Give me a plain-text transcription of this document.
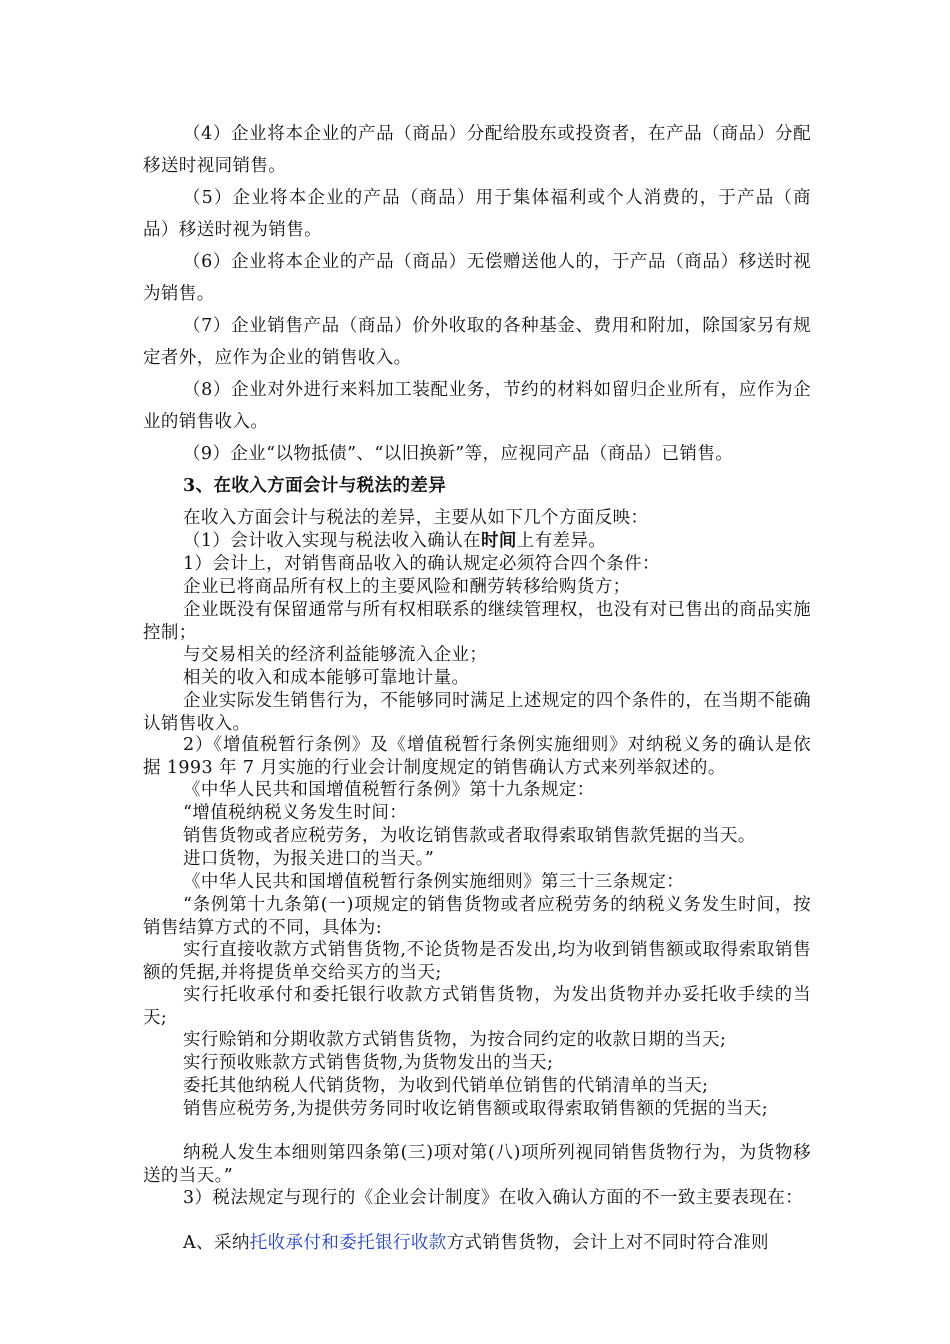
（4）企业将本企业的产品（商品）分配给股东或投资者，在产品（商品）分配移送时视同销售。

（5）企业将本企业的产品（商品）用于集体福利或个人消费的，于产品（商品）移送时视为销售。

（6）企业将本企业的产品（商品）无偿赠送他人的，于产品（商品）移送时视为销售。

（7）企业销售产品（商品）价外收取的各种基金、费用和附加，除国家另有规定者外，应作为企业的销售收入。

（8）企业对外进行来料加工装配业务，节约的材料如留归企业所有，应作为企业的销售收入。

（9）企业“以物抵债”、“以旧换新”等，应视同产品（商品）已销售。

3、在收入方面会计与税法的差异

在收入方面会计与税法的差异，主要从如下几个方面反映：

（1）会计收入实现与税法收入确认在时间上有差异。

1）会计上，对销售商品收入的确认规定必须符合四个条件：

企业已将商品所有权上的主要风险和酬劳转移给购货方；

企业既没有保留通常与所有权相联系的继续管理权，也没有对已售出的商品实施控制；

与交易相关的经济利益能够流入企业；

相关的收入和成本能够可靠地计量。

企业实际发生销售行为，不能够同时满足上述规定的四个条件的，在当期不能确认销售收入。

2）《增值税暂行条例》及《增值税暂行条例实施细则》对纳税义务的确认是依据 1993 年 7 月实施的行业会计制度规定的销售确认方式来列举叙述的。

《中华人民共和国增值税暂行条例》第十九条规定：

“增值税纳税义务发生时间：

销售货物或者应税劳务，为收讫销售款或者取得索取销售款凭据的当天。

进口货物，为报关进口的当天。”

《中华人民共和国增值税暂行条例实施细则》第三十三条规定：

“条例第十九条第(一)项规定的销售货物或者应税劳务的纳税义务发生时间，按销售结算方式的不同，具体为:

实行直接收款方式销售货物,不论货物是否发出,均为收到销售额或取得索取销售额的凭据,并将提货单交给买方的当天;

实行托收承付和委托银行收款方式销售货物，为发出货物并办妥托收手续的当天;

实行赊销和分期收款方式销售货物，为按合同约定的收款日期的当天;

实行预收账款方式销售货物,为货物发出的当天;

委托其他纳税人代销货物，为收到代销单位销售的代销清单的当天;

销售应税劳务,为提供劳务同时收讫销售额或取得索取销售额的凭据的当天;

纳税人发生本细则第四条第(三)项对第(八)项所列视同销售货物行为，为货物移送的当天。”

3）税法规定与现行的《企业会计制度》在收入确认方面的不一致主要表现在：

A、采纳托收承付和委托银行收款方式销售货物，会计上对不同时符合准则
